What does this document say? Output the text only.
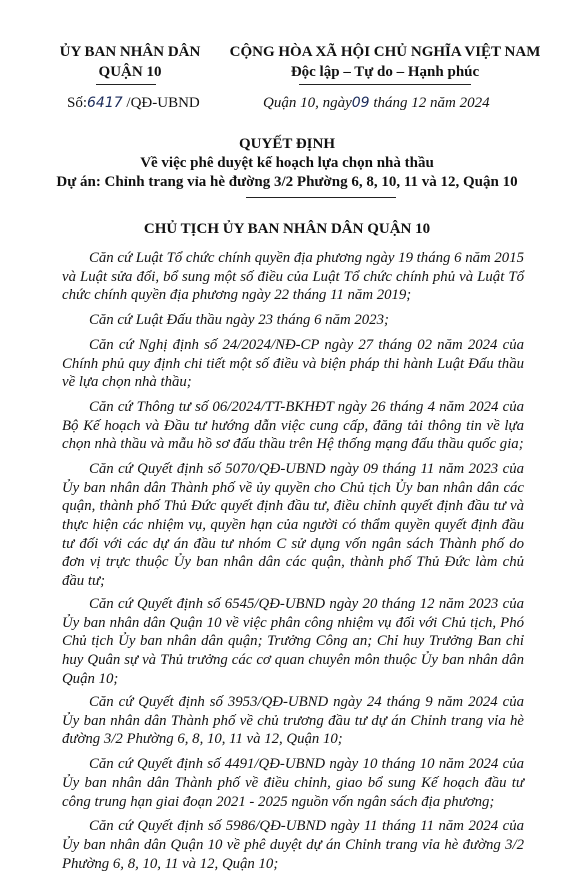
ỦY BAN NHÂN DÂN
QUẬN 10
CỘNG HÒA XÃ HỘI CHỦ NGHĨA VIỆT NAM
Độc lập – Tự do – Hạnh phúc
Số:6417 /QĐ-UBND	Quận 10, ngày09 tháng 12 năm 2024
QUYẾT ĐỊNH
Về việc phê duyệt kế hoạch lựa chọn nhà thầu
Dự án: Chỉnh trang vỉa hè đường 3/2 Phường 6, 8, 10, 11 và 12, Quận 10
CHỦ TỊCH ỦY BAN NHÂN DÂN QUẬN 10

Căn cứ Luật Tổ chức chính quyền địa phương ngày 19 tháng 6 năm 2015 và Luật sửa đổi, bổ sung một số điều của Luật Tổ chức chính phủ và Luật Tổ chức chính quyền địa phương ngày 22 tháng 11 năm 2019;

Căn cứ Luật Đấu thầu ngày 23 tháng 6 năm 2023;

Căn cứ Nghị định số 24/2024/NĐ-CP ngày 27 tháng 02 năm 2024 của Chính phủ quy định chi tiết một số điều và biện pháp thi hành Luật Đấu thầu về lựa chọn nhà thầu;

Căn cứ Thông tư số 06/2024/TT-BKHĐT ngày 26 tháng 4 năm 2024 của Bộ Kế hoạch và Đầu tư hướng dẫn việc cung cấp, đăng tải thông tin về lựa chọn nhà thầu và mẫu hồ sơ đấu thầu trên Hệ thống mạng đấu thầu quốc gia;

Căn cứ Quyết định số 5070/QĐ-UBND ngày 09 tháng 11 năm 2023 của Ủy ban nhân dân Thành phố về ủy quyền cho Chủ tịch Ủy ban nhân dân các quận, thành phố Thủ Đức quyết định đầu tư, điều chỉnh quyết định đầu tư và thực hiện các nhiệm vụ, quyền hạn của người có thẩm quyền quyết định đầu tư đối với các dự án đầu tư nhóm C sử dụng vốn ngân sách Thành phố do đơn vị trực thuộc Ủy ban nhân dân các quận, thành phố Thủ Đức làm chủ đầu tư;

Căn cứ Quyết định số 6545/QĐ-UBND ngày 20 tháng 12 năm 2023 của Ủy ban nhân dân Quận 10 về việc phân công nhiệm vụ đối với Chủ tịch, Phó Chủ tịch Ủy ban nhân dân quận; Trưởng Công an; Chỉ huy Trưởng Ban chỉ huy Quân sự và Thủ trưởng các cơ quan chuyên môn thuộc Ủy ban nhân dân Quận 10;

Căn cứ Quyết định số 3953/QĐ-UBND ngày 24 tháng 9 năm 2024 của Ủy ban nhân dân Thành phố về chủ trương đầu tư dự án Chỉnh trang vỉa hè đường 3/2 Phường 6, 8, 10, 11 và 12, Quận 10;

Căn cứ Quyết định số 4491/QĐ-UBND ngày 10 tháng 10 năm 2024 của Ủy ban nhân dân Thành phố về điều chỉnh, giao bổ sung Kế hoạch đầu tư công trung hạn giai đoạn 2021 - 2025 nguồn vốn ngân sách địa phương;

Căn cứ Quyết định số 5986/QĐ-UBND ngày 11 tháng 11 năm 2024 của Ủy ban nhân dân Quận 10 về phê duyệt dự án Chỉnh trang vỉa hè đường 3/2 Phường 6, 8, 10, 11 và 12, Quận 10;
